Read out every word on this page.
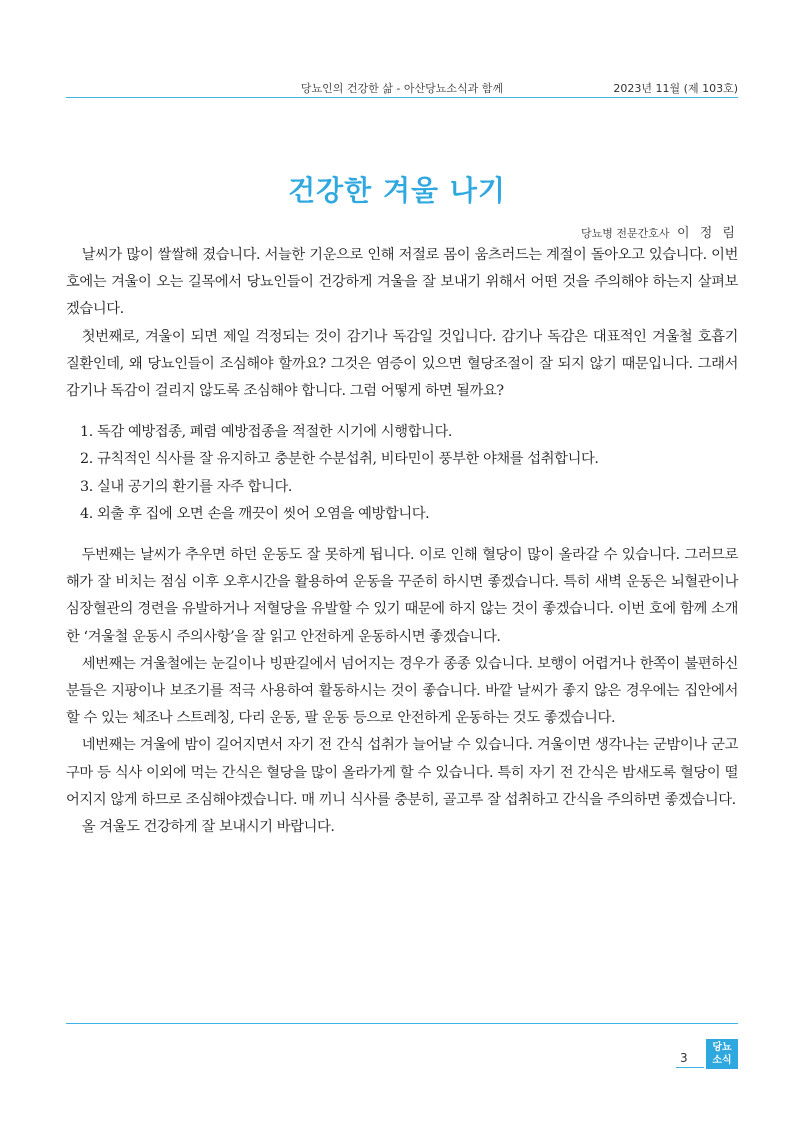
당뇨인의 건강한 삶 - 아산당뇨소식과 함께	2023년 11월 (제 103호)
건강한 겨울 나기
당뇨병 전문간호사 이 정 림

날씨가 많이 쌀쌀해 졌습니다. 서늘한 기운으로 인해 저절로 몸이 움츠러드는 계절이 돌아오고 있습니다. 이번 호에는 겨울이 오는 길목에서 당뇨인들이 건강하게 겨울을 잘 보내기 위해서 어떤 것을 주의해야 하는지 살펴보겠습니다.

첫번째로, 겨울이 되면 제일 걱정되는 것이 감기나 독감일 것입니다. 감기나 독감은 대표적인 겨울철 호흡기 질환인데, 왜 당뇨인들이 조심해야 할까요? 그것은 염증이 있으면 혈당조절이 잘 되지 않기 때문입니다. 그래서 감기나 독감이 걸리지 않도록 조심해야 합니다. 그럼 어떻게 하면 될까요?

1. 독감 예방접종, 폐렴 예방접종을 적절한 시기에 시행합니다.
2. 규칙적인 식사를 잘 유지하고 충분한 수분섭취, 비타민이 풍부한 야채를 섭취합니다.
3. 실내 공기의 환기를 자주 합니다.
4. 외출 후 집에 오면 손을 깨끗이 씻어 오염을 예방합니다.

두번째는 날씨가 추우면 하던 운동도 잘 못하게 됩니다. 이로 인해 혈당이 많이 올라갈 수 있습니다. 그러므로 해가 잘 비치는 점심 이후 오후시간을 활용하여 운동을 꾸준히 하시면 좋겠습니다. 특히 새벽 운동은 뇌혈관이나 심장혈관의 경련을 유발하거나 저혈당을 유발할 수 있기 때문에 하지 않는 것이 좋겠습니다. 이번 호에 함께 소개한 ‘겨울철 운동시 주의사항’을 잘 읽고 안전하게 운동하시면 좋겠습니다.

세번째는 겨울철에는 눈길이나 빙판길에서 넘어지는 경우가 종종 있습니다. 보행이 어렵거나 한쪽이 불편하신 분들은 지팡이나 보조기를 적극 사용하여 활동하시는 것이 좋습니다. 바깥 날씨가 좋지 않은 경우에는 집안에서 할 수 있는 체조나 스트레칭, 다리 운동, 팔 운동 등으로 안전하게 운동하는 것도 좋겠습니다.

네번째는 겨울에 밤이 길어지면서 자기 전 간식 섭취가 늘어날 수 있습니다. 겨울이면 생각나는 군밤이나 군고구마 등 식사 이외에 먹는 간식은 혈당을 많이 올라가게 할 수 있습니다. 특히 자기 전 간식은 밤새도록 혈당이 떨어지지 않게 하므로 조심해야겠습니다. 매 끼니 식사를 충분히, 골고루 잘 섭취하고 간식을 주의하면 좋겠습니다.

올 겨울도 건강하게 잘 보내시기 바랍니다.

3
당뇨
소식
